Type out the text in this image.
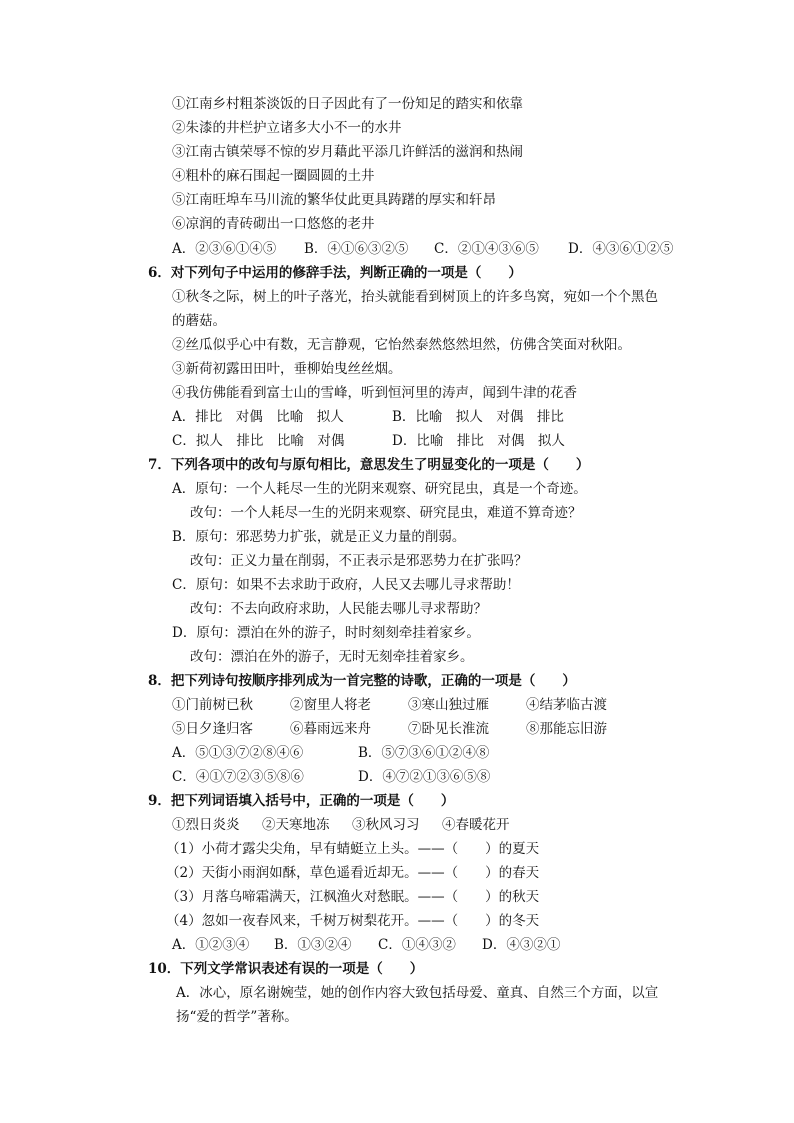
①江南乡村粗茶淡饭的日子因此有了一份知足的踏实和依靠
②朱漆的井栏护立诸多大小不一的水井
③江南古镇荣辱不惊的岁月藉此平添几许鲜活的滋润和热闹
④粗朴的麻石围起一圈圆圆的土井
⑤江南旺埠车马川流的繁华仗此更具踌躇的厚实和轩昂
⑥凉润的青砖砌出一口悠悠的老井
A．②③⑥①④⑤ B．④①⑥③②⑤ C．②①④③⑥⑤ D．④③⑥①②⑤
6．对下列句子中运用的修辞手法，判断正确的一项是（　　）
①秋冬之际，树上的叶子落光，抬头就能看到树顶上的许多鸟窝，宛如一个个黑色
的蘑菇。
②丝瓜似乎心中有数，无言静观，它怡然泰然悠然坦然，仿佛含笑面对秋阳。
③新荷初露田田叶，垂柳始曳丝丝烟。
④我仿佛能看到富士山的雪峰，听到恒河里的涛声，闻到牛津的花香
A．排比　对偶　比喻　拟人	B．比喻　拟人　对偶　排比
C．拟人　排比　比喻　对偶	D．比喻　排比　对偶　拟人
7．下列各项中的改句与原句相比，意思发生了明显变化的一项是（　　）
A．原句：一个人耗尽一生的光阴来观察、研究昆虫，真是一个奇迹。
改句：一个人耗尽一生的光阴来观察、研究昆虫，难道不算奇迹？
B．原句：邪恶势力扩张，就是正义力量的削弱。
改句：正义力量在削弱，不正表示是邪恶势力在扩张吗？
C．原句：如果不去求助于政府，人民又去哪儿寻求帮助！
改句：不去向政府求助，人民能去哪儿寻求帮助？
D．原句：漂泊在外的游子，时时刻刻牵挂着家乡。
改句：漂泊在外的游子，无时无刻牵挂着家乡。
8．把下列诗句按顺序排列成为一首完整的诗歌，正确的一项是（　　）
①门前树已秋	②窗里人将老	③寒山独过雁	④结茅临古渡
⑤日夕逢归客	⑥暮雨远来舟	⑦卧见长淮流	⑧那能忘旧游
A．⑤①③⑦②⑧④⑥	B．⑤⑦③⑥①②④⑧
C．④①⑦②③⑤⑧⑥	D．④⑦②①③⑥⑤⑧
9．把下列词语填入括号中，正确的一项是（　　）
①烈日炎炎 ②天寒地冻 ③秋风习习 ④春暖花开
（1）小荷才露尖尖角，早有蜻蜓立上头。——（　　）的夏天
（2）天街小雨润如酥，草色遥看近却无。——（　　）的春天
（3）月落乌啼霜满天，江枫渔火对愁眠。——（　　）的秋天
（4）忽如一夜春风来，千树万树梨花开。——（　　）的冬天
A．①②③④ B．①③②④ C．①④③② D．④③②①
10．下列文学常识表述有误的一项是（　　）
A．冰心，原名谢婉莹，她的创作内容大致包括母爱、童真、自然三个方面，以宣
扬“爱的哲学”著称。
